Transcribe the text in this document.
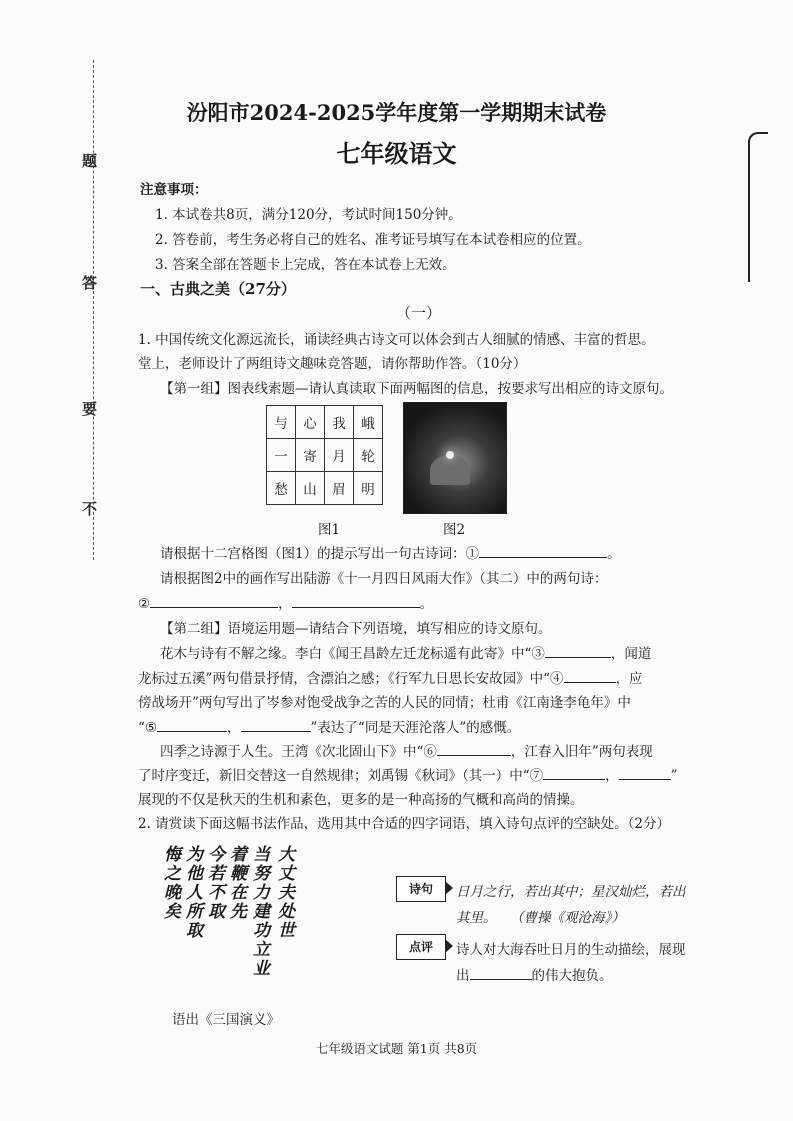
题
答
要
不
汾阳市2024-2025学年度第一学期期末试卷
七年级语文
注意事项：
1. 本试卷共8页，满分120分，考试时间150分钟。
2. 答卷前，考生务必将自己的姓名、准考证号填写在本试卷相应的位置。
3. 答案全部在答题卡上完成，答在本试卷上无效。
一、古典之美（27分）
（一）
1. 中国传统文化源远流长，诵读经典古诗文可以体会到古人细腻的情感、丰富的哲思。
堂上，老师设计了两组诗文趣味竞答题，请你帮助作答。（10分）
【第一组】图表线索题—请认真读取下面两幅图的信息，按要求写出相应的诗文原句。
与	心	我	峨
一	寄	月	轮
愁	山	眉	明
图1	图2
请根据十二宫格图（图1）的提示写出一句古诗词：①	。
请根据图2中的画作写出陆游《十一月四日风雨大作》（其二）中的两句诗：
②	，	。
【第二组】语境运用题—请结合下列语境，填写相应的诗文原句。
花木与诗有不解之缘。李白《闻王昌龄左迁龙标遥有此寄》中“③	，闻道
龙标过五溪”两句借景抒情，含漂泊之感；《行军九日思长安故园》中“④	，应
傍战场开”两句写出了岑参对饱受战争之苦的人民的同情；杜甫《江南逢李龟年》中
“⑤	，	”表达了“同是天涯沦落人”的感慨。
四季之诗源于人生。王湾《次北固山下》中“⑥	，江春入旧年”两句表现
了时序变迁，新旧交替这一自然规律；刘禹锡《秋词》（其一）中“⑦	，	”
展现的不仅是秋天的生机和素色，更多的是一种高扬的气概和高尚的情操。
2. 请赏读下面这幅书法作品，选用其中合适的四字词语，填入诗句点评的空缺处。（2分）
大丈夫处世
当努力建功立业
着鞭在先
今若不取
为他人所取
悔之晚矣
语出《三国演义》
诗句	日月之行，若出其中；星汉灿烂，若出
其里。　　（曹操《观沧海》）
点评	诗人对大海吞吐日月的生动描绘，展现
出	的伟大抱负。
七年级语文试题 第1页 共8页
